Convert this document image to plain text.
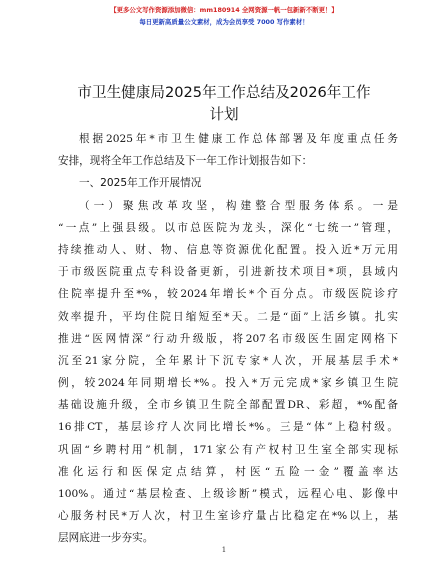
【更多公文写作资源添加微信：mm180914 全网资源一帆一包新新不断更！】
每日更新高质量公文素材，成为会员享受 7000 写作素材！
市卫生健康局2025年工作总结及2026年工作
计划
根据2025年*市卫生健康工作总体部署及年度重点任务
安排，现将全年工作总结及下一年工作计划报告如下：
一、2025年工作开展情况
（一）聚焦改革攻坚，构建整合型服务体系。一是
“一点”上强县级。以市总医院为龙头，深化“七统一”管理，
持续推动人、财、物、信息等资源优化配置。投入近*万元用
于市级医院重点专科设备更新，引进新技术项目*项，县域内
住院率提升至*%，较2024年增长*个百分点。市级医院诊疗
效率提升，平均住院日缩短至*天。二是“面”上活乡镇。扎实
推进“医网情深”行动升级版，将207名市级医生固定网格下
沉至21家分院，全年累计下沉专家*人次，开展基层手术*
例，较2024年同期增长*%。投入*万元完成*家乡镇卫生院
基础设施升级，全市乡镇卫生院全部配置DR、彩超，*%配备
16排CT，基层诊疗人次同比增长*%。三是“体”上稳村级。
巩固“乡聘村用”机制，171家公有产权村卫生室全部实现标
准化运行和医保定点结算，村医“五险一金”覆盖率达
100%。通过“基层检查、上级诊断”模式，远程心电、影像中
心服务村民*万人次，村卫生室诊疗量占比稳定在*%以上，基
层网底进一步夯实。
1
